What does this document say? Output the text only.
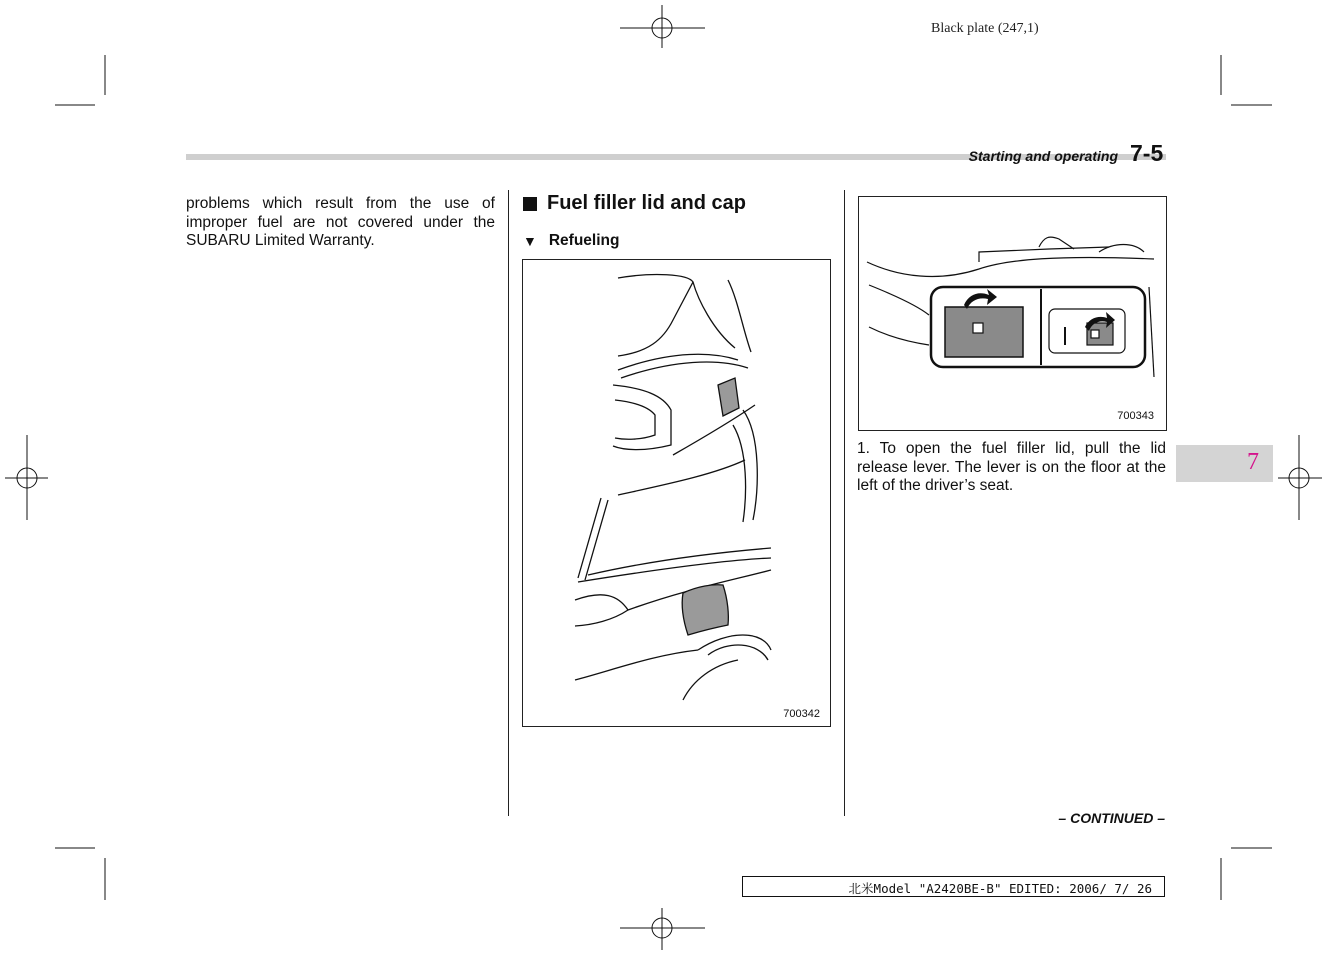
Black plate (247,1)
Starting and operating 7-5
problems which result from the use of improper fuel are not covered under the SUBARU Limited Warranty.
Fuel filler lid and cap
▼ Refueling
700342
700343
1. To open the fuel filler lid, pull the lid release lever. The lever is on the floor at the left of the driver’s seat.
7
– CONTINUED –
北米Model "A2420BE-B" EDITED: 2006/ 7/ 26
